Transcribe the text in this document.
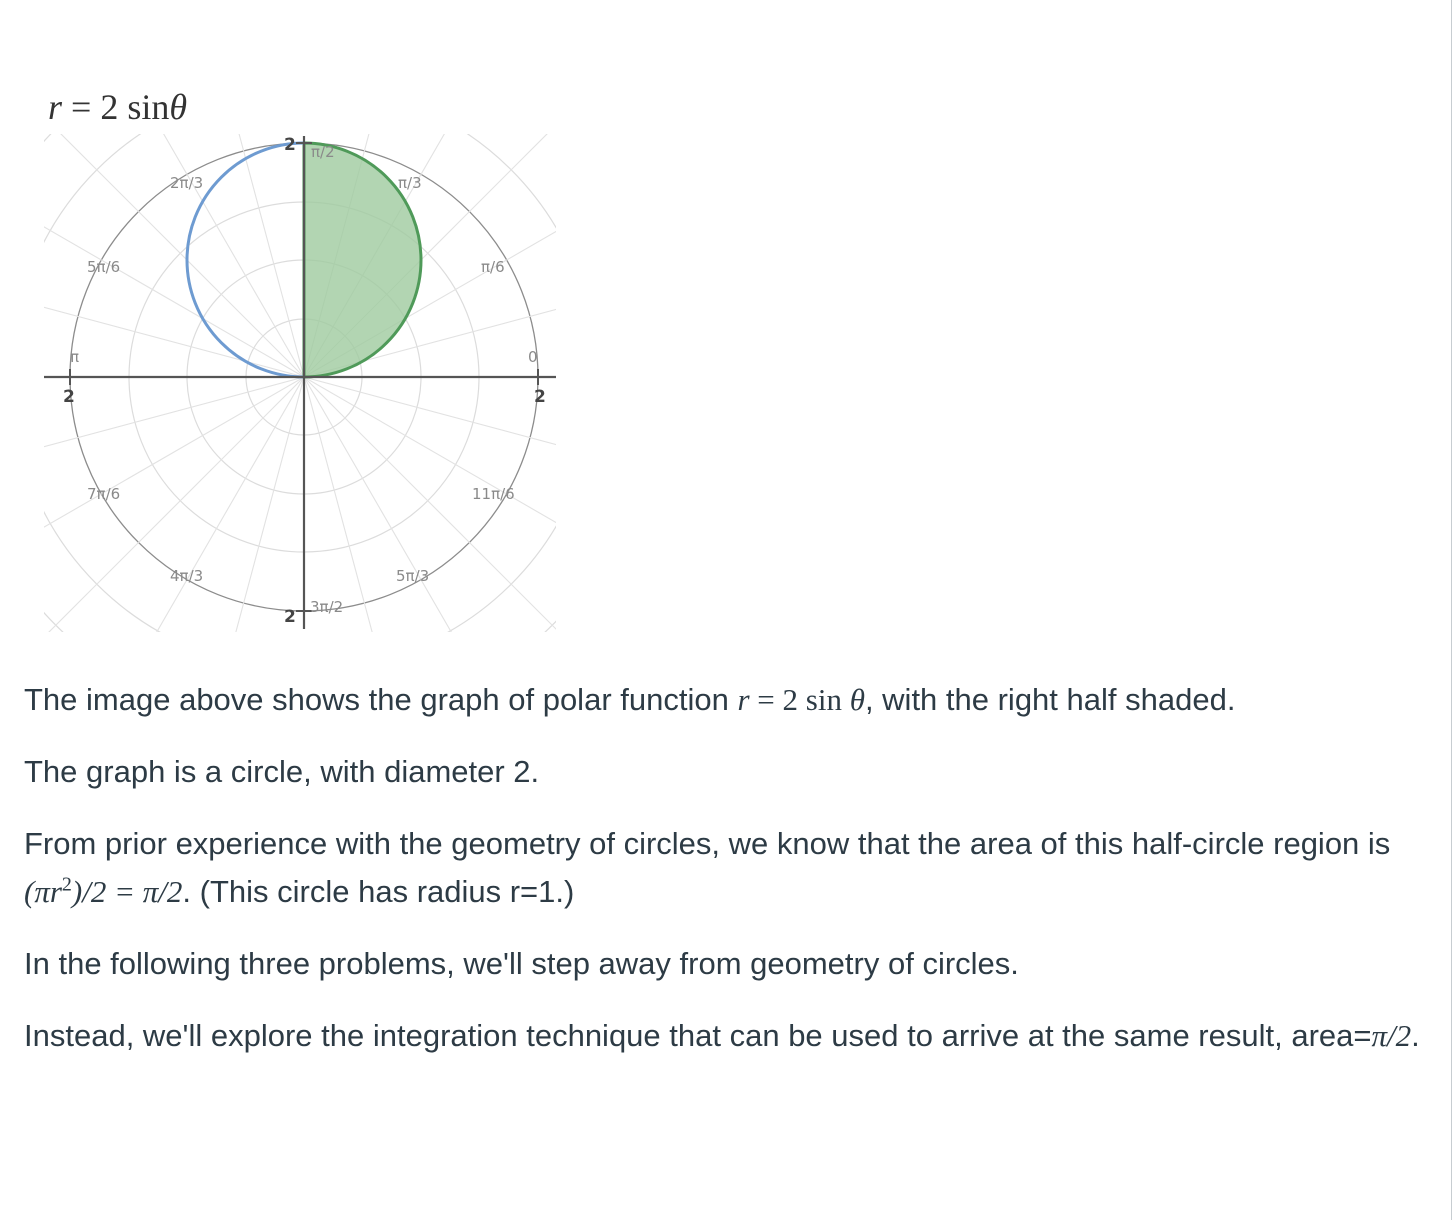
r = 2 sinθ
2
2
2	2
0
π/6
π/3
π/2
2π/3
5π/6
π
7π/6
4π/3
3π/2
5π/3
11π/6

The image above shows the graph of polar function r = 2 sin θ, with the right half shaded.

The graph is a circle, with diameter 2.

From prior experience with the geometry of circles, we know that the area of this half-circle region is $(\pi r^2)/2 = \pi/2$. (This circle has radius r=1.)

In the following three problems, we'll step away from geometry of circles.

Instead, we'll explore the integration technique that can be used to arrive at the same result, area=π/2.
